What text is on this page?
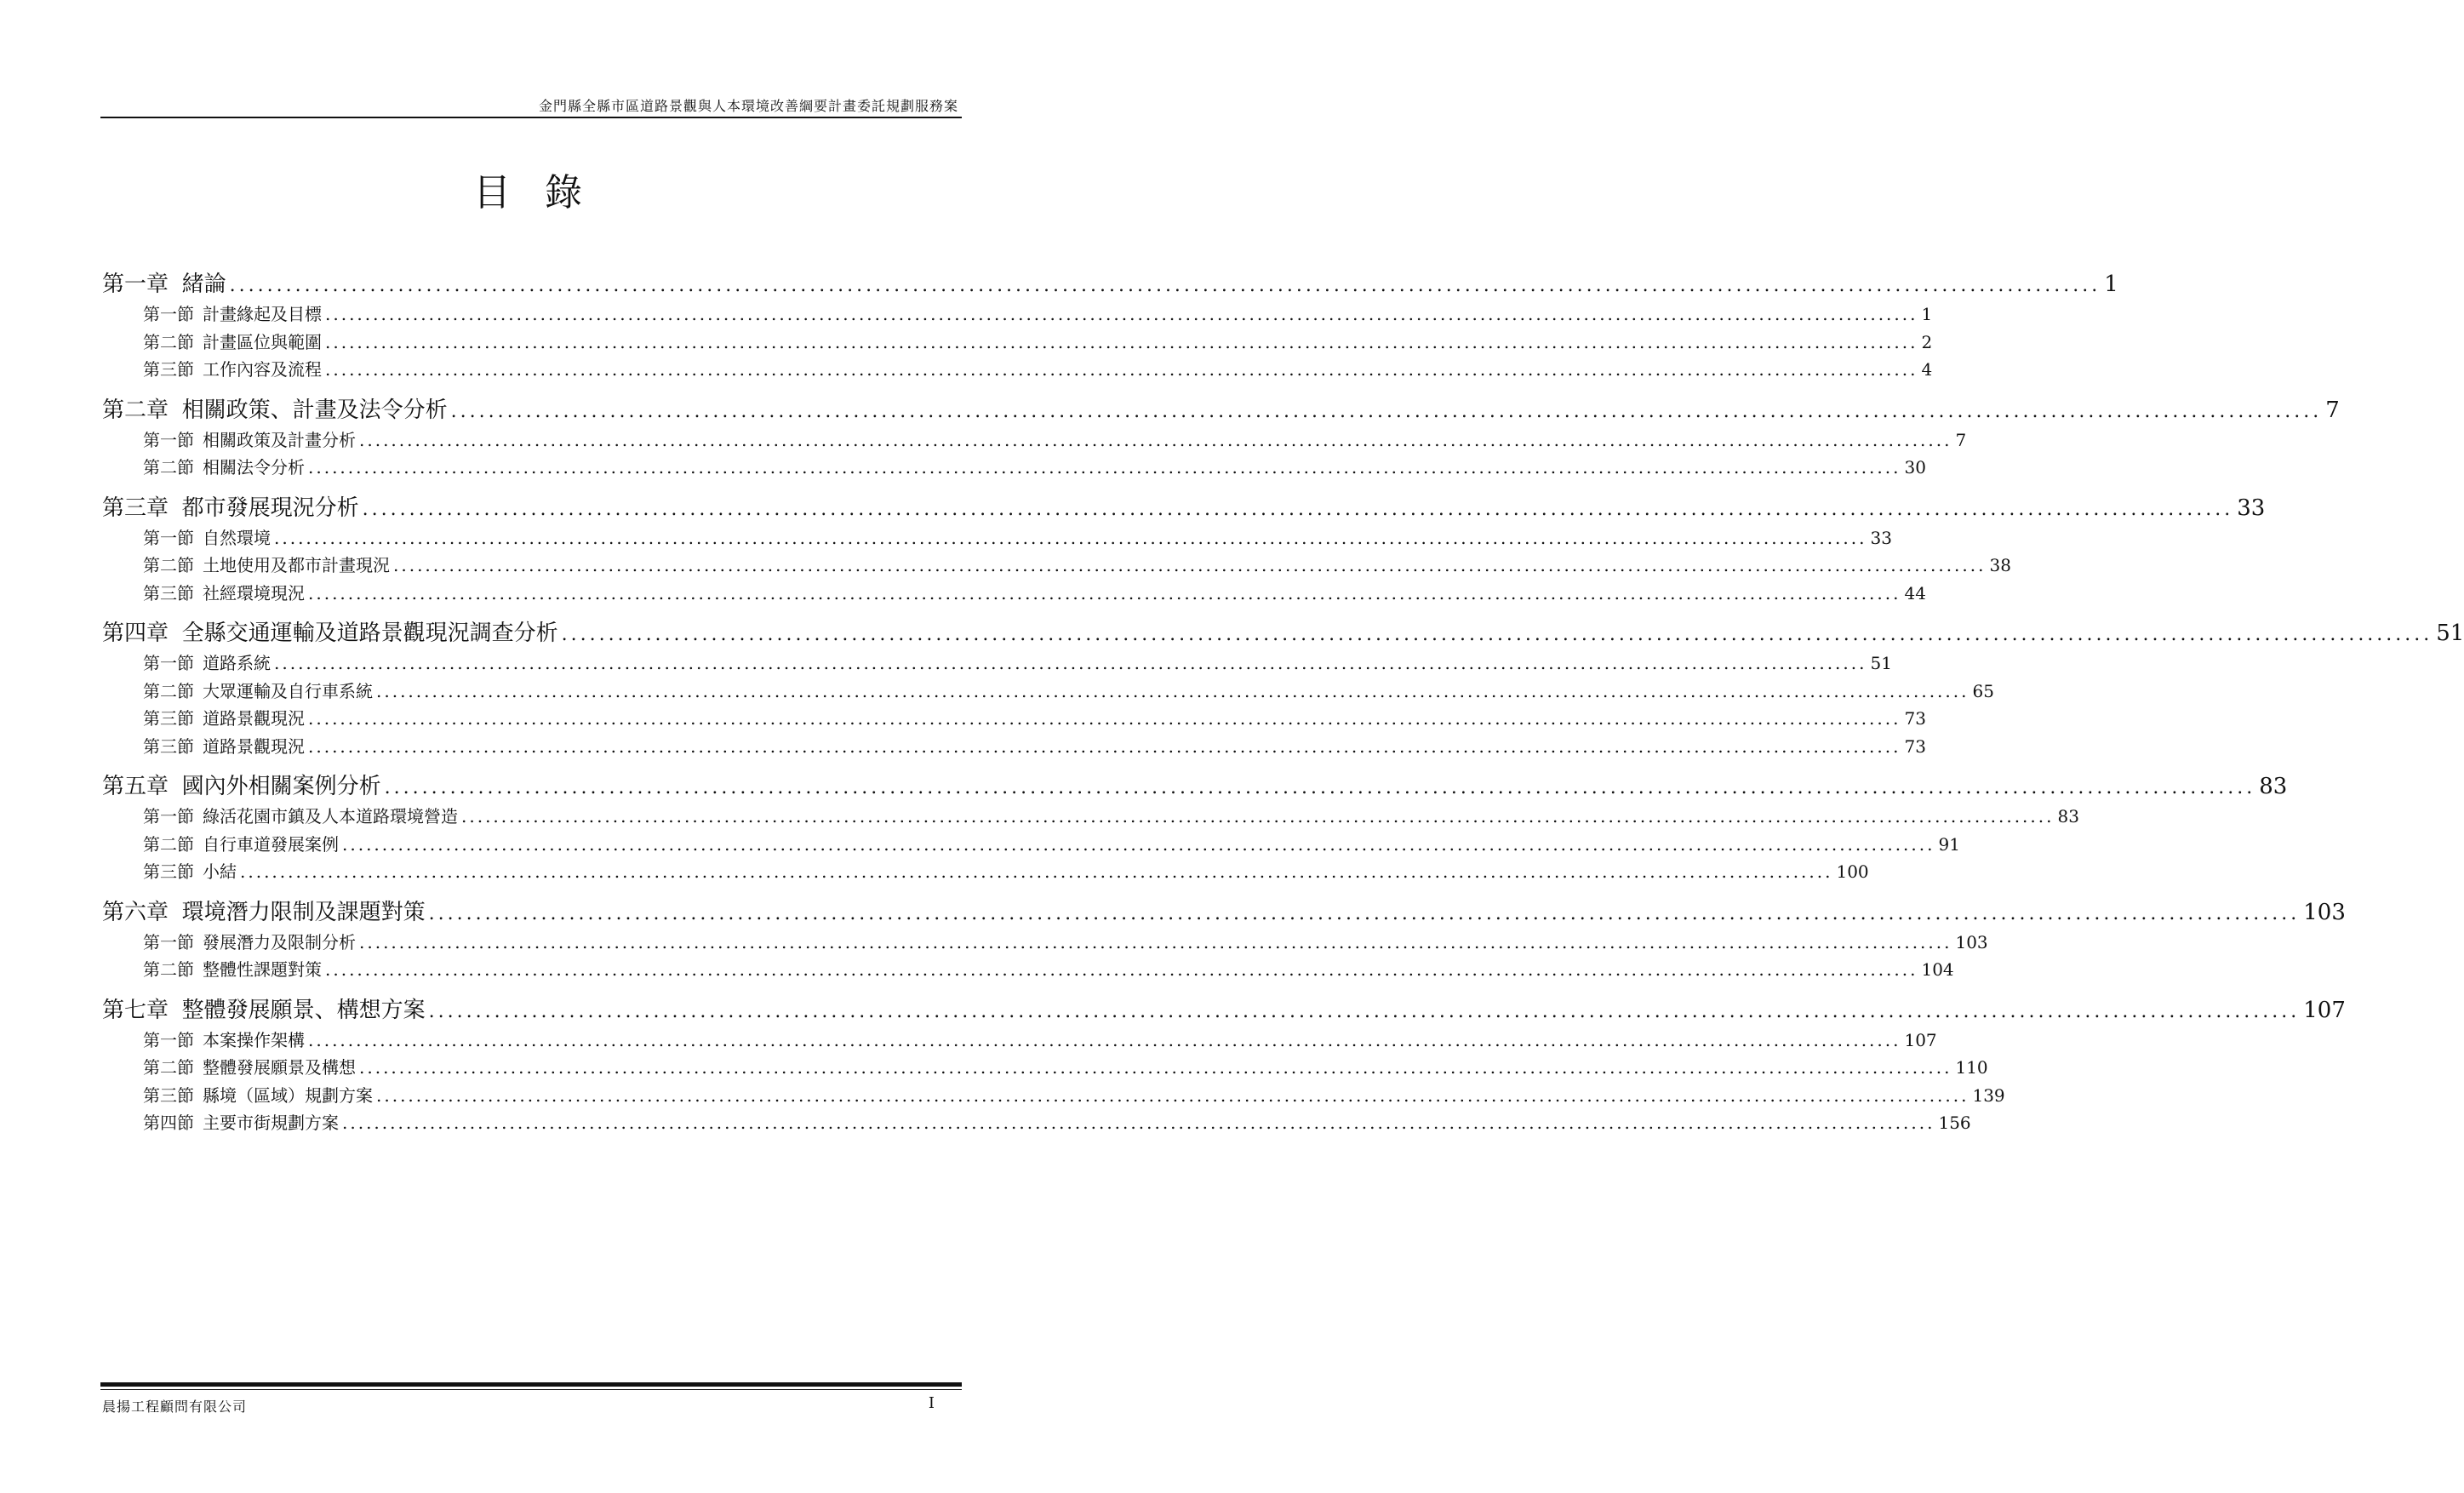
金門縣全縣市區道路景觀與人本環境改善綱要計畫委託規劃服務案
目錄
第一章 緒論 ........................................................................................................................................................................................................ 1
第一節 計畫緣起及目標 ........................................................................................................................................................................................................ 1
第二節 計畫區位與範圍 ........................................................................................................................................................................................................ 2
第三節 工作內容及流程 ........................................................................................................................................................................................................ 4
第二章 相關政策、計畫及法令分析 ........................................................................................................................................................................................................ 7
第一節 相關政策及計畫分析 ........................................................................................................................................................................................................ 7
第二節 相關法令分析 ........................................................................................................................................................................................................ 30
第三章 都市發展現況分析 ........................................................................................................................................................................................................ 33
第一節 自然環境 ........................................................................................................................................................................................................ 33
第二節 土地使用及都市計畫現況 ........................................................................................................................................................................................................ 38
第三節 社經環境現況 ........................................................................................................................................................................................................ 44
第四章 全縣交通運輸及道路景觀現況調查分析 ........................................................................................................................................................................................................ 51
第一節 道路系統 ........................................................................................................................................................................................................ 51
第二節 大眾運輸及自行車系統 ........................................................................................................................................................................................................ 65
第三節 道路景觀現況 ........................................................................................................................................................................................................ 73
第三節 道路景觀現況 ........................................................................................................................................................................................................ 73
第五章 國內外相關案例分析 ........................................................................................................................................................................................................ 83
第一節 綠活花園市鎮及人本道路環境營造 ........................................................................................................................................................................................................ 83
第二節 自行車道發展案例 ........................................................................................................................................................................................................ 91
第三節 小結 ........................................................................................................................................................................................................ 100
第六章 環境潛力限制及課題對策 ........................................................................................................................................................................................................ 103
第一節 發展潛力及限制分析 ........................................................................................................................................................................................................ 103
第二節 整體性課題對策 ........................................................................................................................................................................................................ 104
第七章 整體發展願景、構想方案 ........................................................................................................................................................................................................ 107
第一節 本案操作架構 ........................................................................................................................................................................................................ 107
第二節 整體發展願景及構想 ........................................................................................................................................................................................................ 110
第三節 縣境（區域）規劃方案 ........................................................................................................................................................................................................ 139
第四節 主要市街規劃方案 ........................................................................................................................................................................................................ 156
晨揚工程顧問有限公司	I
